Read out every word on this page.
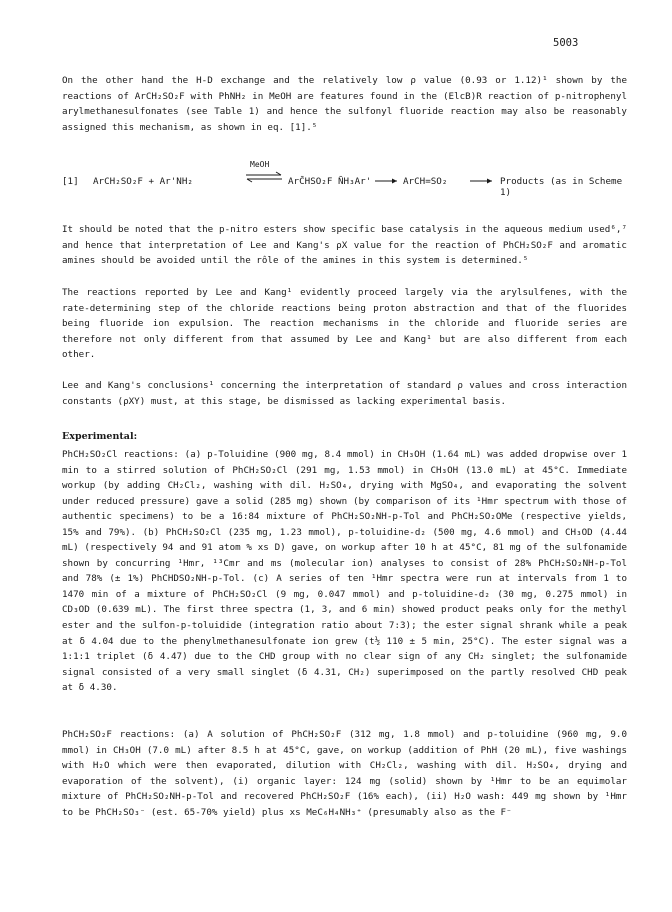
5003

On the other hand the H-D exchange and the relatively low ρ value (0.93 or 1.12)¹ shown by the reactions of ArCH₂SO₂F with PhNH₂ in MeOH are features found in the (ElcB)R reaction of p-nitrophenyl arylmethanesulfonates (see Table 1) and hence the sulfonyl fluoride reaction may also be reasonably assigned this mechanism, as shown in eq. [1].⁵

[1] ArCH₂SO₂F + Ar'NH₂
MeOH
ArC̄HSO₂F N̄H₃Ar' → ArCH=SO₂ → Products (as in Scheme 1)

It should be noted that the p-nitro esters show specific base catalysis in the aqueous medium used⁶,⁷ and hence that interpretation of Lee and Kang's ρX value for the reaction of PhCH₂SO₂F and aromatic amines should be avoided until the rôle of the amines in this system is determined.⁵

The reactions reported by Lee and Kang¹ evidently proceed largely via the arylsulfenes, with the rate-determining step of the chloride reactions being proton abstraction and that of the fluorides being fluoride ion expulsion. The reaction mechanisms in the chloride and fluoride series are therefore not only different from that assumed by Lee and Kang¹ but are also different from each other.

Lee and Kang's conclusions¹ concerning the interpretation of standard ρ values and cross interaction constants (ρXY) must, at this stage, be dismissed as lacking experimental basis.

Experimental:

PhCH₂SO₂Cl reactions: (a) p-Toluidine (900 mg, 8.4 mmol) in CH₃OH (1.64 mL) was added dropwise over 1 min to a stirred solution of PhCH₂SO₂Cl (291 mg, 1.53 mmol) in CH₃OH (13.0 mL) at 45°C. Immediate workup (by adding CH₂Cl₂, washing with dil. H₂SO₄, drying with MgSO₄, and evaporating the solvent under reduced pressure) gave a solid (285 mg) shown (by comparison of its ¹Hmr spectrum with those of authentic specimens) to be a 16:84 mixture of PhCH₂SO₂NH-p-Tol and PhCH₂SO₂OMe (respective yields, 15% and 79%). (b) PhCH₂SO₂Cl (235 mg, 1.23 mmol), p-toluidine-d₂ (500 mg, 4.6 mmol) and CH₃OD (4.44 mL) (respectively 94 and 91 atom % xs D) gave, on workup after 10 h at 45°C, 81 mg of the sulfonamide shown by concurring ¹Hmr, ¹³Cmr and ms (molecular ion) analyses to consist of 28% PhCH₂SO₂NH-p-Tol and 78% (± 1%) PhCHDSO₂NH-p-Tol. (c) A series of ten ¹Hmr spectra were run at intervals from 1 to 1470 min of a mixture of PhCH₂SO₂Cl (9 mg, 0.047 mmol) and p-toluidine-d₂ (30 mg, 0.275 mmol) in CD₃OD (0.639 mL). The first three spectra (1, 3, and 6 min) showed product peaks only for the methyl ester and the sulfon-p-toluidide (integration ratio about 7:3); the ester signal shrank while a peak at δ 4.04 due to the phenylmethanesulfonate ion grew (t½ 110 ± 5 min, 25°C). The ester signal was a 1:1:1 triplet (δ 4.47) due to the CHD group with no clear sign of any CH₂ singlet; the sulfonamide signal consisted of a very small singlet (δ 4.31, CH₂) superimposed on the partly resolved CHD peak at δ 4.30.

PhCH₂SO₂F reactions: (a) A solution of PhCH₂SO₂F (312 mg, 1.8 mmol) and p-toluidine (960 mg, 9.0 mmol) in CH₃OH (7.0 mL) after 8.5 h at 45°C, gave, on workup (addition of PhH (20 mL), five washings with H₂O which were then evaporated, dilution with CH₂Cl₂, washing with dil. H₂SO₄, drying and evaporation of the solvent), (i) organic layer: 124 mg (solid) shown by ¹Hmr to be an equimolar mixture of PhCH₂SO₂NH-p-Tol and recovered PhCH₂SO₂F (16% each), (ii) H₂O wash: 449 mg shown by ¹Hmr to be PhCH₂SO₃⁻ (est. 65-70% yield) plus xs MeC₆H₄NH₃⁺ (presumably also as the F⁻
